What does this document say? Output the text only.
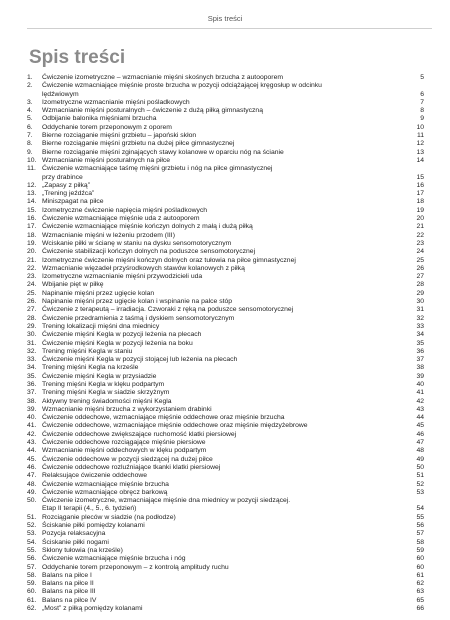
Spis treści
Spis treści
1.	Ćwiczenie izometryczne – wzmacnianie mięśni skośnych brzucha z autooporem	5
2.	Ćwiczenie wzmacniające mięśnie proste brzucha w pozycji odciążającej kręgosłup w odcinku
lędźwiowym	6
3.	Izometryczne wzmacnianie mięśni pośladkowych	7
4.	Wzmacnianie mięśni posturalnych – ćwiczenie z dużą piłką gimnastyczną	8
5.	Odbijanie balonika mięśniami brzucha	9
6.	Oddychanie torem przeponowym z oporem	10
7.	Bierne rozciąganie mięśni grzbietu – japoński skłon	11
8.	Bierne rozciąganie mięśni grzbietu na dużej piłce gimnastycznej	12
9.	Bierne rozciąganie mięśni zginających stawy kolanowe w oparciu nóg na ścianie	13
10. Wzmacnianie mięśni posturalnych na piłce	14
11. Ćwiczenie wzmacniające taśmę mięśni grzbietu i nóg na piłce gimnastycznej
przy drabince	15
12. „Zapasy z piłką”	16
13. „Trening jeźdźca”	17
14. Miniszpagat na piłce	18
15. Izometryczne ćwiczenie napięcia mięśni pośladkowych	19
16. Ćwiczenie wzmacniające mięśnie uda z autooporem	20
17. Ćwiczenie wzmacniające mięśnie kończyn dolnych z małą i dużą piłką	21
18. Wzmacnianie mięśni w leżeniu przodem (III)	22
19. Wciskanie piłki w ścianę w staniu na dysku sensomotorycznym	23
20. Ćwiczenie stabilizacji kończyn dolnych na poduszce sensomotorycznej	24
21. Izometryczne ćwiczenie mięśni kończyn dolnych oraz tułowia na piłce gimnastycznej	25
22. Wzmacnianie więzadeł przyśrodkowych stawów kolanowych z piłką	26
23. Izometryczne wzmacnianie mięśni przywodzicieli uda	27
24. Wbijanie pięt w piłkę	28
25. Napinanie mięśni przez ugięcie kolan	29
26. Napinanie mięśni przez ugięcie kolan i wspinanie na palce stóp	30
27. Ćwiczenie z terapeutą – irradiacja. Czworaki z ręką na poduszce sensomotorycznej	31
28. Ćwiczenie przedramienia z taśmą i dyskiem sensomotorycznym	32
29. Trening lokalizacji mięśni dna miednicy	33
30. Ćwiczenie mięśni Kegla w pozycji leżenia na plecach	34
31. Ćwiczenie mięśni Kegla w pozycji leżenia na boku	35
32. Trening mięśni Kegla w staniu	36
33. Ćwiczenie mięśni Kegla w pozycji stojącej lub leżenia na plecach	37
34. Trening mięśni Kegla na krześle	38
35. Ćwiczenie mięśni Kegla w przysiadzie	39
36. Trening mięśni Kegla w klęku podpartym	40
37. Trening mięśni Kegla w siadzie skrzyżnym	41
38. Aktywny trening świadomości mięśni Kegla	42
39. Wzmacnianie mięśni brzucha z wykorzystaniem drabinki	43
40. Ćwiczenie oddechowe, wzmacniające mięśnie oddechowe oraz mięśnie brzucha	44
41. Ćwiczenie oddechowe, wzmacniające mięśnie oddechowe oraz mięśnie międzyżebrowe	45
42. Ćwiczenie oddechowe zwiększające ruchomość klatki piersiowej	46
43. Ćwiczenie oddechowe rozciągające mięśnie piersiowe	47
44. Wzmacnianie mięśni oddechowych w klęku podpartym	48
45. Ćwiczenie oddechowe w pozycji siedzącej na dużej piłce	49
46. Ćwiczenie oddechowe rozluźniające tkanki klatki piersiowej	50
47. Relaksujące ćwiczenie oddechowe	51
48. Ćwiczenie wzmacniające mięśnie brzucha	52
49. Ćwiczenie wzmacniające obręcz barkową	53
50. Ćwiczenie izometryczne, wzmacniające mięśnie dna miednicy w pozycji siedzącej.
Etap II terapii (4., 5., 6. tydzień)	54
51. Rozciąganie pleców w siadzie (na podłodze)	55
52. Ściskanie piłki pomiędzy kolanami	56
53. Pozycja relaksacyjna	57
54. Ściskanie piłki nogami	58
55. Skłony tułowia (na krześle)	59
56. Ćwiczenie wzmacniające mięśnie brzucha i nóg	60
57. Oddychanie torem przeponowym – z kontrolą amplitudy ruchu	60
58. Balans na piłce I	61
59. Balans na piłce II	62
60. Balans na piłce III	63
61. Balans na piłce IV	65
62. „Most” z piłką pomiędzy kolanami	66
